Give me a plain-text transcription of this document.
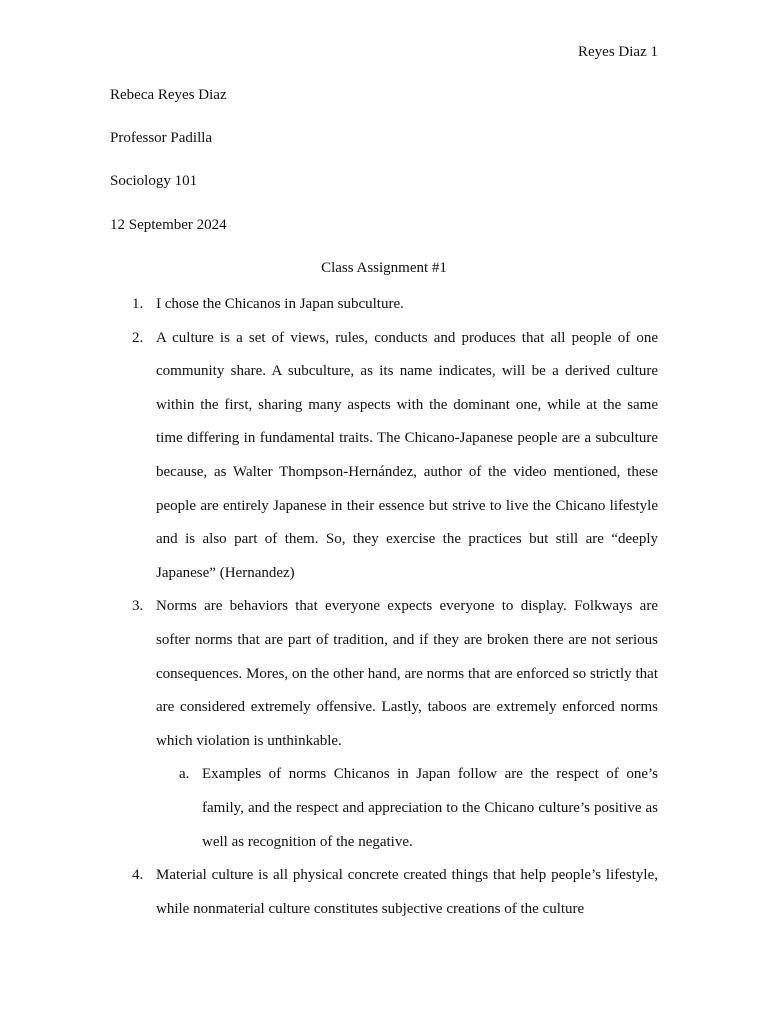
Reyes Diaz 1
Rebeca Reyes Diaz
Professor Padilla
Sociology 101
12 September 2024
Class Assignment #1
1. I chose the Chicanos in Japan subculture.
2. A culture is a set of views, rules, conducts and produces that all people of one community share. A subculture, as its name indicates, will be a derived culture within the first, sharing many aspects with the dominant one, while at the same time differing in fundamental traits. The Chicano-Japanese people are a subculture because, as Walter Thompson-Hernández, author of the video mentioned, these people are entirely Japanese in their essence but strive to live the Chicano lifestyle and is also part of them. So, they exercise the practices but still are “deeply Japanese” (Hernandez)
3. Norms are behaviors that everyone expects everyone to display. Folkways are softer norms that are part of tradition, and if they are broken there are not serious consequences. Mores, on the other hand, are norms that are enforced so strictly that are considered extremely offensive. Lastly, taboos are extremely enforced norms which violation is unthinkable.
a. Examples of norms Chicanos in Japan follow are the respect of one’s family, and the respect and appreciation to the Chicano culture’s positive as well as recognition of the negative.
4. Material culture is all physical concrete created things that help people’s lifestyle, while nonmaterial culture constitutes subjective creations of the culture
